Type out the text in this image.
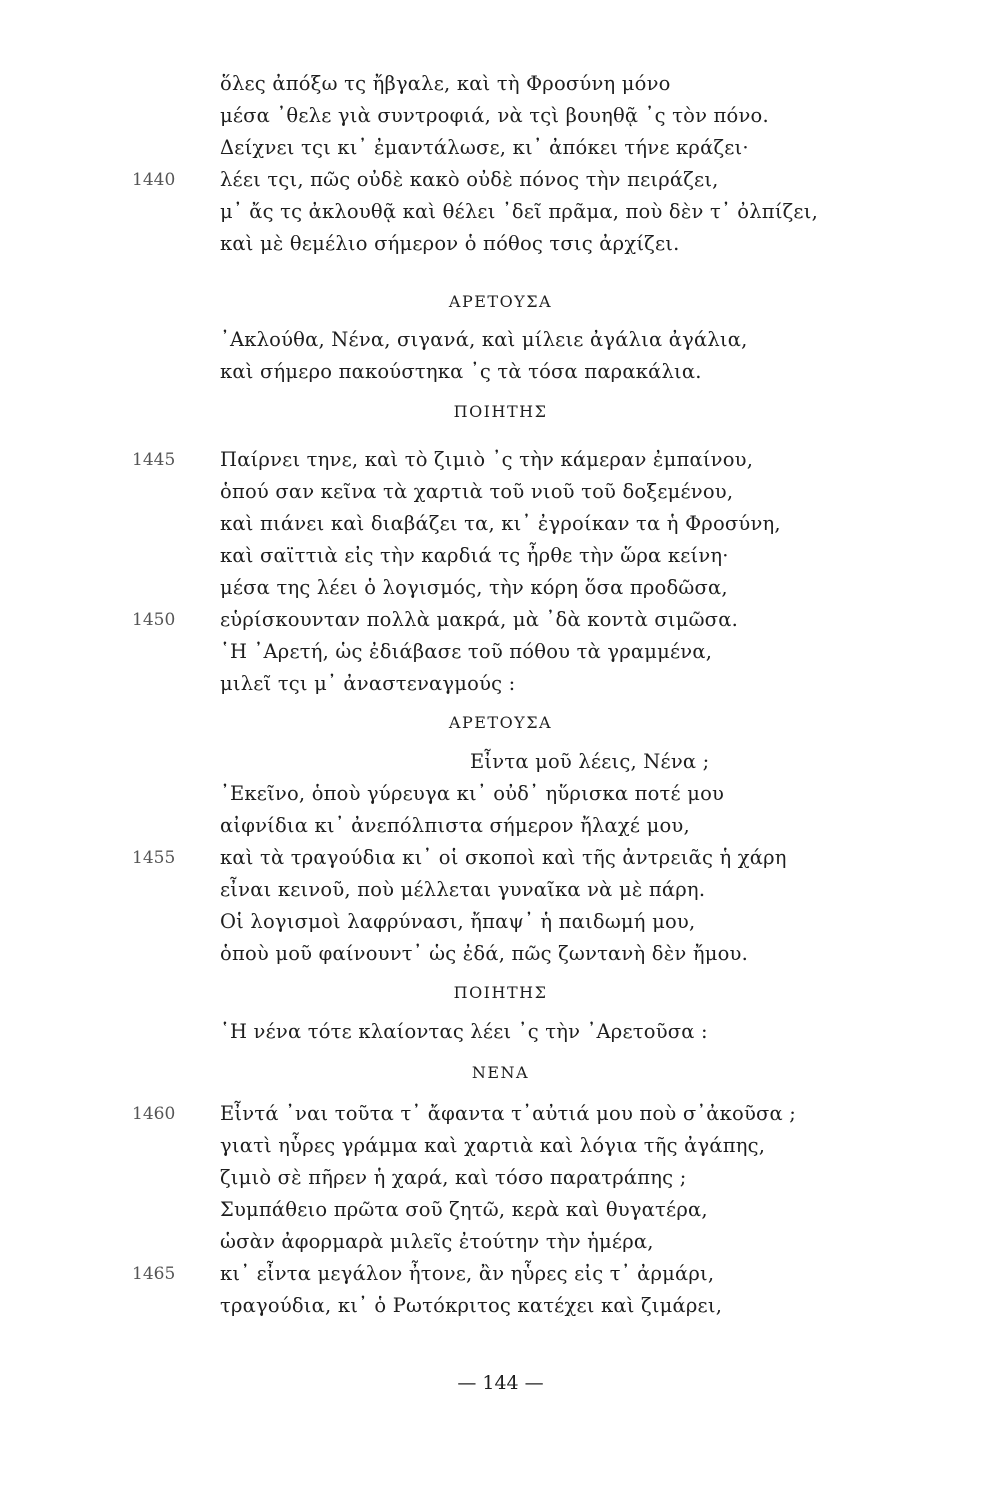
ὅλες ἀπόξω τς ἤβγαλε, καὶ τὴ Φροσύνη μόνο
μέσα ᾿θελε γιὰ συντροφιά, νὰ τςὶ βουηθᾷ ᾿ς τὸν πόνο.
Δείχνει τςι κι᾿ ἐμαντάλωσε, κι᾿ ἀπόκει τήνε κράζει·
1440 λέει τςι, πῶς οὐδὲ κακὸ οὐδὲ πόνος τὴν πειράζει,
μ᾿ ἄς τς ἀκλουθᾷ καὶ θέλει ᾿δεῖ πρᾶμα, ποὺ δὲν τ᾿ ὀλπίζει,
καὶ μὲ θεμέλιο σήμερον ὁ πόθος τσις ἀρχίζει.
ΑΡΕΤΟΥΣΑ
᾿Ακλούθα, Νένα, σιγανά, καὶ μίλειε ἀγάλια ἀγάλια,
καὶ σήμερο πακούστηκα ᾿ς τὰ τόσα παρακάλια.
ΠΟΙΗΤΗΣ
1445 Παίρνει τηνε, καὶ τὸ ζιμιὸ ᾿ς τὴν κάμεραν ἐμπαίνου,
ὁπού σαν κεῖνα τὰ χαρτιὰ τοῦ νιοῦ τοῦ δοξεμένου,
καὶ πιάνει καὶ διαβάζει τα, κι᾿ ἐγροίκαν τα ἡ Φροσύνη,
καὶ σαϊττιὰ εἰς τὴν καρδιά τς ἦρθε τὴν ὥρα κείνη·
μέσα της λέει ὁ λογισμός, τὴν κόρη ὅσα προδῶσα,
1450 εὑρίσκουνταν πολλὰ μακρά, μὰ ᾿δὰ κοντὰ σιμῶσα.
῾Η ᾿Αρετή, ὡς ἐδιάβασε τοῦ πόθου τὰ γραμμένα,
μιλεῖ τςι μ᾿ ἀναστεναγμούς :
ΑΡΕΤΟΥΣΑ
Εἶντα μοῦ λέεις, Νένα ;
᾿Εκεῖνο, ὁποὺ γύρευγα κι᾿ οὐδ᾿ ηὕρισκα ποτέ μου
αἰφνίδια κι᾿ ἀνεπόλπιστα σήμερον ἤλαχέ μου,
1455 καὶ τὰ τραγούδια κι᾿ οἱ σκοποὶ καὶ τῆς ἀντρειᾶς ἡ χάρη
εἶναι κεινοῦ, ποὺ μέλλεται γυναῖκα νὰ μὲ πάρη.
Οἱ λογισμοὶ λαφρύνασι, ἤπαψ᾿ ἡ παιδωμή μου,
ὁποὺ μοῦ φαίνουντ᾿ ὡς ἐδά, πῶς ζωντανὴ δὲν ἤμου.
ΠΟΙΗΤΗΣ
῾Η νένα τότε κλαίοντας λέει ᾿ς τὴν ᾿Αρετοῦσα :
ΝΕΝΑ
1460 Εἶντά ᾿ναι τοῦτα τ᾿ ἄφαντα τ᾿αὐτιά μου ποὺ σ᾿ἀκοῦσα ;
γιατὶ ηὗρες γράμμα καὶ χαρτιὰ καὶ λόγια τῆς ἀγάπης,
ζιμιὸ σὲ πῆρεν ἡ χαρά, καὶ τόσο παρατράπης ;
Συμπάθειο πρῶτα σοῦ ζητῶ, κερὰ καὶ θυγατέρα,
ὡσὰν ἀφορμαρὰ μιλεῖς ἐτούτην τὴν ἡμέρα,
1465 κι᾿ εἶντα μεγάλον ἦτονε, ἂν ηὗρες εἰς τ᾿ ἀρμάρι,
τραγούδια, κι᾿ ὁ Ρωτόκριτος κατέχει καὶ ζιμάρει,
— 144 —
